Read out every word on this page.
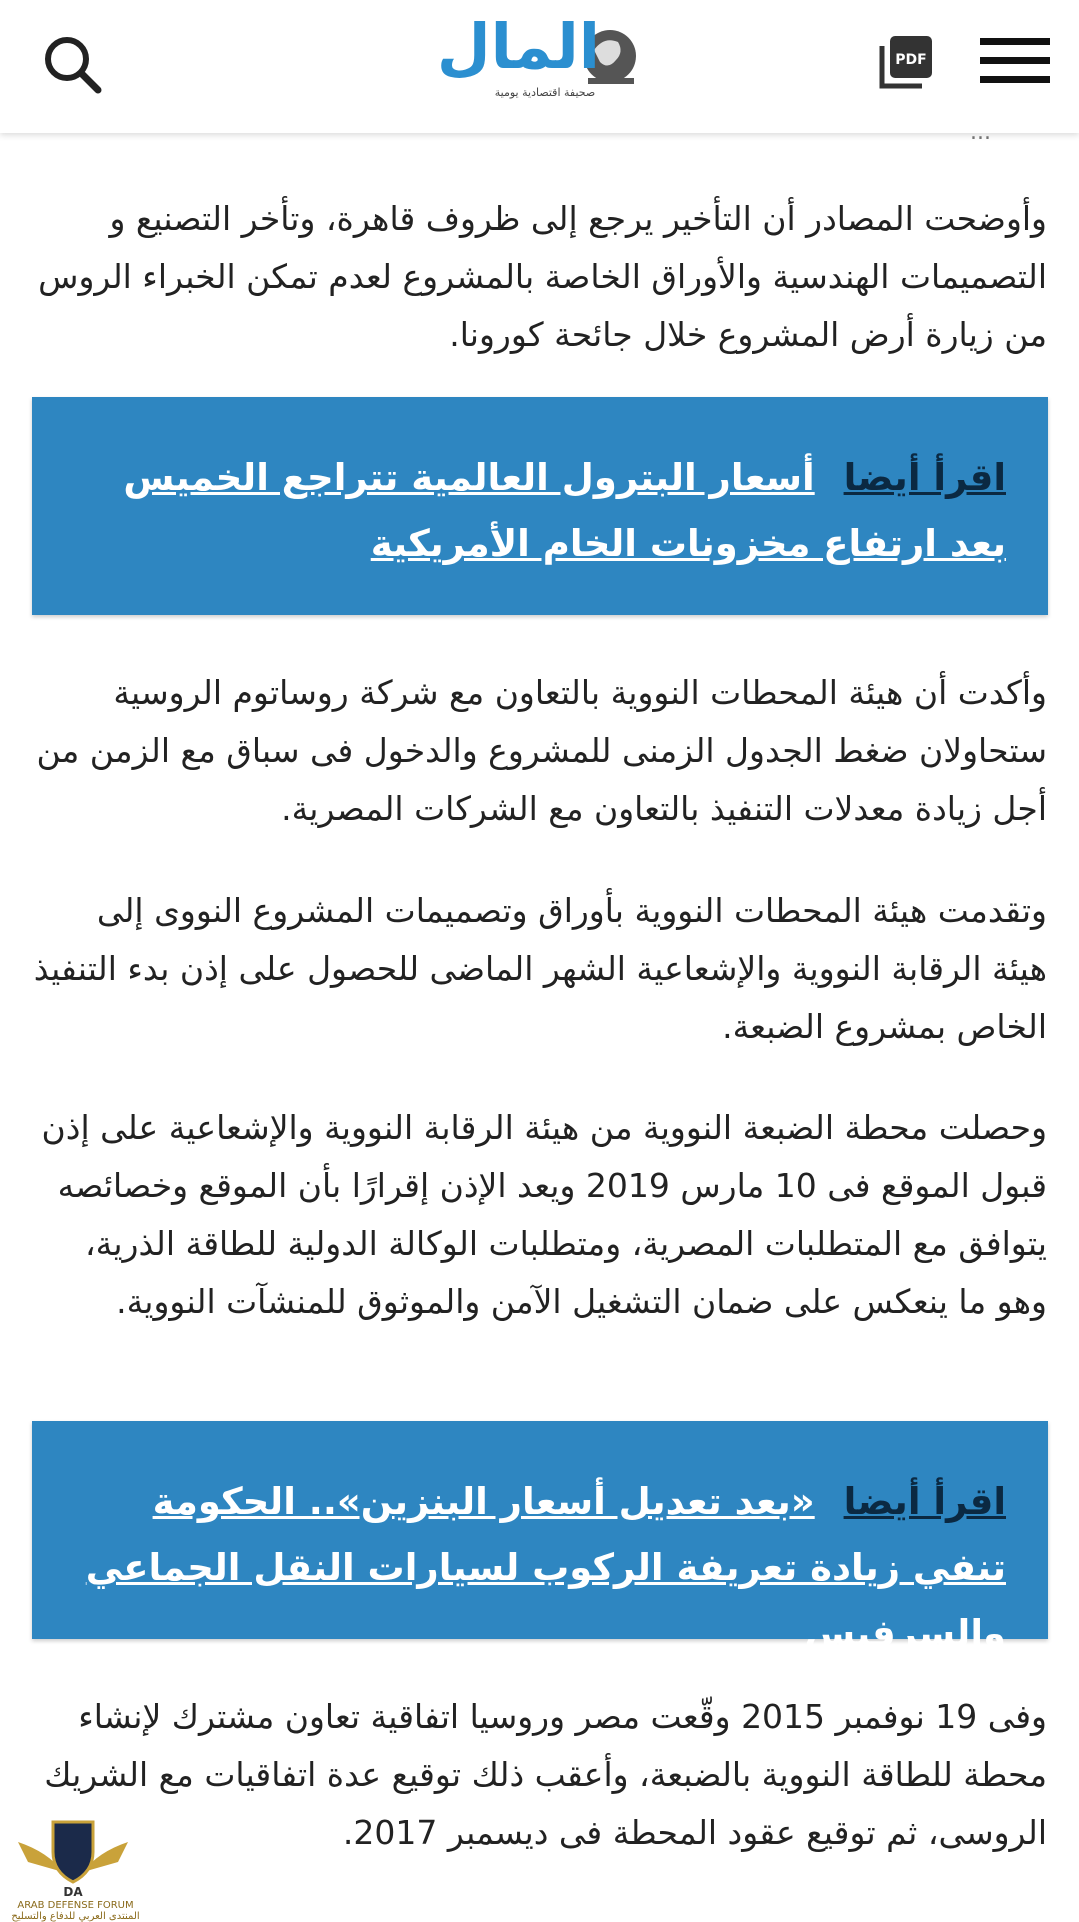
المال
صحيفة اقتصادية يومية
PDF

وأوضحت المصادر أن التأخير يرجع إلى ظروف قاهرة، وتأخر التصنيع و التصميمات الهندسية والأوراق الخاصة بالمشروع لعدم تمكن الخبراء الروس من زيارة أرض المشروع خلال جائحة كورونا.

اقرأ أيضا أسعار البترول العالمية تتراجع الخميس بعد ارتفاع مخزونات الخام الأمريكية

وأكدت أن هيئة المحطات النووية بالتعاون مع شركة روساتوم الروسية ستحاولان ضغط الجدول الزمنى للمشروع والدخول فى سباق مع الزمن من أجل زيادة معدلات التنفيذ بالتعاون مع الشركات المصرية.

وتقدمت هيئة المحطات النووية بأوراق وتصميمات المشروع النووى إلى هيئة الرقابة النووية والإشعاعية الشهر الماضى للحصول على إذن بدء التنفيذ الخاص بمشروع الضبعة.

وحصلت محطة الضبعة النووية من هيئة الرقابة النووية والإشعاعية على إذن قبول الموقع فى 10 مارس 2019 ويعد الإذن إقرارًا بأن الموقع وخصائصه يتوافق مع المتطلبات المصرية، ومتطلبات الوكالة الدولية للطاقة الذرية، وهو ما ينعكس على ضمان التشغيل الآمن والموثوق للمنشآت النووية.

اقرأ أيضا «بعد تعديل أسعار البنزين».. الحكومة تنفي زيادة تعريفة الركوب لسيارات النقل الجماعي والسرفيس

وفى 19 نوفمبر 2015 وقّعت مصر وروسيا اتفاقية تعاون مشترك لإنشاء محطة للطاقة النووية بالضبعة، وأعقب ذلك توقيع عدة اتفاقيات مع الشريك الروسى، ثم توقيع عقود المحطة فى ديسمبر 2017.

DA
ARAB DEFENSE FORUM
المنتدى العربي للدفاع والتسليح
